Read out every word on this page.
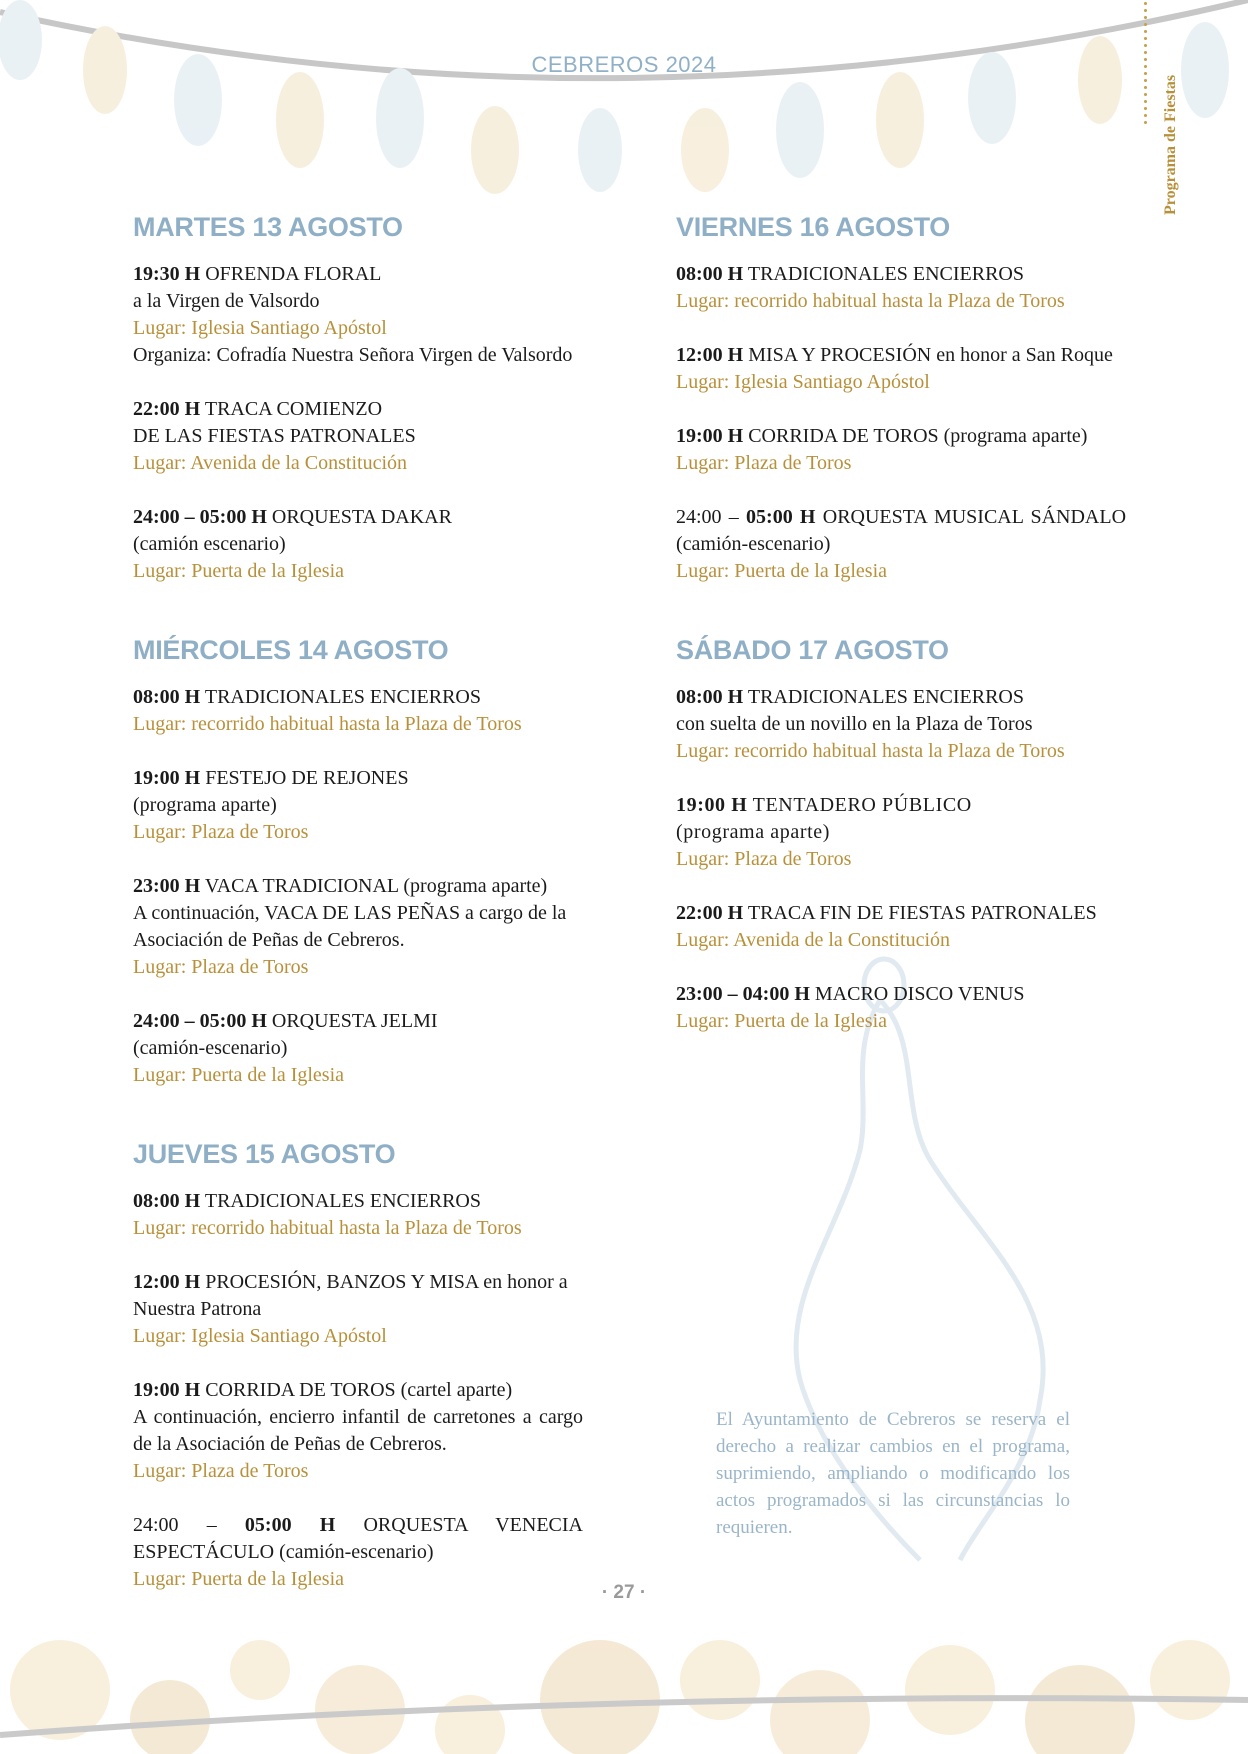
CEBREROS 2024
Programa de Fiestas
MARTES 13 AGOSTO
19:30 H OFRENDA FLORAL
a la Virgen de Valsordo
Lugar: Iglesia Santiago Apóstol
Organiza: Cofradía Nuestra Señora Virgen de Valsordo
22:00 H TRACA COMIENZO
DE LAS FIESTAS PATRONALES
Lugar: Avenida de la Constitución
24:00 – 05:00 H ORQUESTA DAKAR
(camión escenario)
Lugar: Puerta de la Iglesia
MIÉRCOLES 14 AGOSTO
08:00 H TRADICIONALES ENCIERROS
Lugar: recorrido habitual hasta la Plaza de Toros
19:00 H FESTEJO DE REJONES
(programa aparte)
Lugar: Plaza de Toros
23:00 H VACA TRADICIONAL (programa aparte)
A continuación, VACA DE LAS PEÑAS a cargo de la Asociación de Peñas de Cebreros.
Lugar: Plaza de Toros
24:00 – 05:00 H ORQUESTA JELMI
(camión-escenario)
Lugar: Puerta de la Iglesia
JUEVES 15 AGOSTO
08:00 H TRADICIONALES ENCIERROS
Lugar: recorrido habitual hasta la Plaza de Toros
12:00 H PROCESIÓN, BANZOS Y MISA en honor a Nuestra Patrona
Lugar: Iglesia Santiago Apóstol
19:00 H CORRIDA DE TOROS (cartel aparte)
A continuación, encierro infantil de carretones a cargo de la Asociación de Peñas de Cebreros.
Lugar: Plaza de Toros
24:00 – 05:00 H ORQUESTA VENECIA ESPECTÁCULO (camión-escenario)
Lugar: Puerta de la Iglesia
VIERNES 16 AGOSTO
08:00 H TRADICIONALES ENCIERROS
Lugar: recorrido habitual hasta la Plaza de Toros
12:00 H MISA Y PROCESIÓN en honor a San Roque
Lugar: Iglesia Santiago Apóstol
19:00 H CORRIDA DE TOROS (programa aparte)
Lugar: Plaza de Toros
24:00 – 05:00 H ORQUESTA MUSICAL SÁNDALO (camión-escenario)
Lugar: Puerta de la Iglesia
SÁBADO 17 AGOSTO
08:00 H TRADICIONALES ENCIERROS
con suelta de un novillo en la Plaza de Toros
Lugar: recorrido habitual hasta la Plaza de Toros
19:00 H TENTADERO PÚBLICO
(programa aparte)
Lugar: Plaza de Toros
22:00 H TRACA FIN DE FIESTAS PATRONALES
Lugar: Avenida de la Constitución
23:00 – 04:00 H MACRO DISCO VENUS
Lugar: Puerta de la Iglesia
El Ayuntamiento de Cebreros se reserva el derecho a realizar cambios en el programa, suprimiendo, ampliando o modificando los actos programados si las circunstancias lo requieren.
· 27 ·
